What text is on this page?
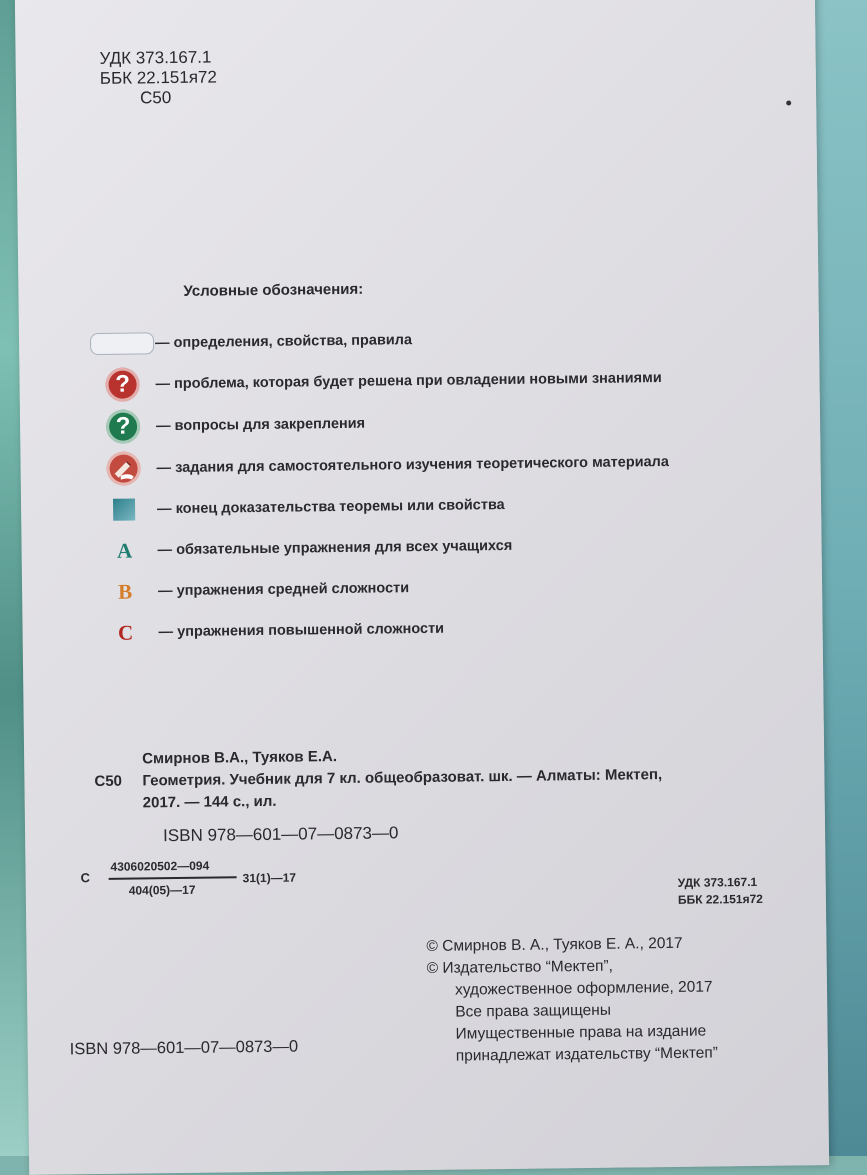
УДК 373.167.1
ББК 22.151я72
С50
Условные обозначения:
— определения, свойства, правила
?	— проблема, которая будет решена при овладении новыми знаниями
?	— вопросы для закрепления
— задания для самостоятельного изучения теоретического материала
— конец доказательства теоремы или свойства
A — обязательные упражнения для всех учащихся
B — упражнения средней сложности
C — упражнения повышенной сложности
Смирнов В.А., Туяков Е.А.
С50	Геометрия. Учебник для 7 кл. общеобразоват. шк. — Алматы: Мектеп,
2017. — 144 с., ил.
ISBN 978—601—07—0873—0
С
4306020502—094
404(05)—17
31(1)—17	УДК 373.167.1
ББК 22.151я72
© Смирнов В. А., Туяков Е. А., 2017
© Издательство “Мектеп”,
художественное оформление, 2017
Все права защищены
Имущественные права на издание
принадлежат издательству “Мектеп”
ISBN 978—601—07—0873—0
